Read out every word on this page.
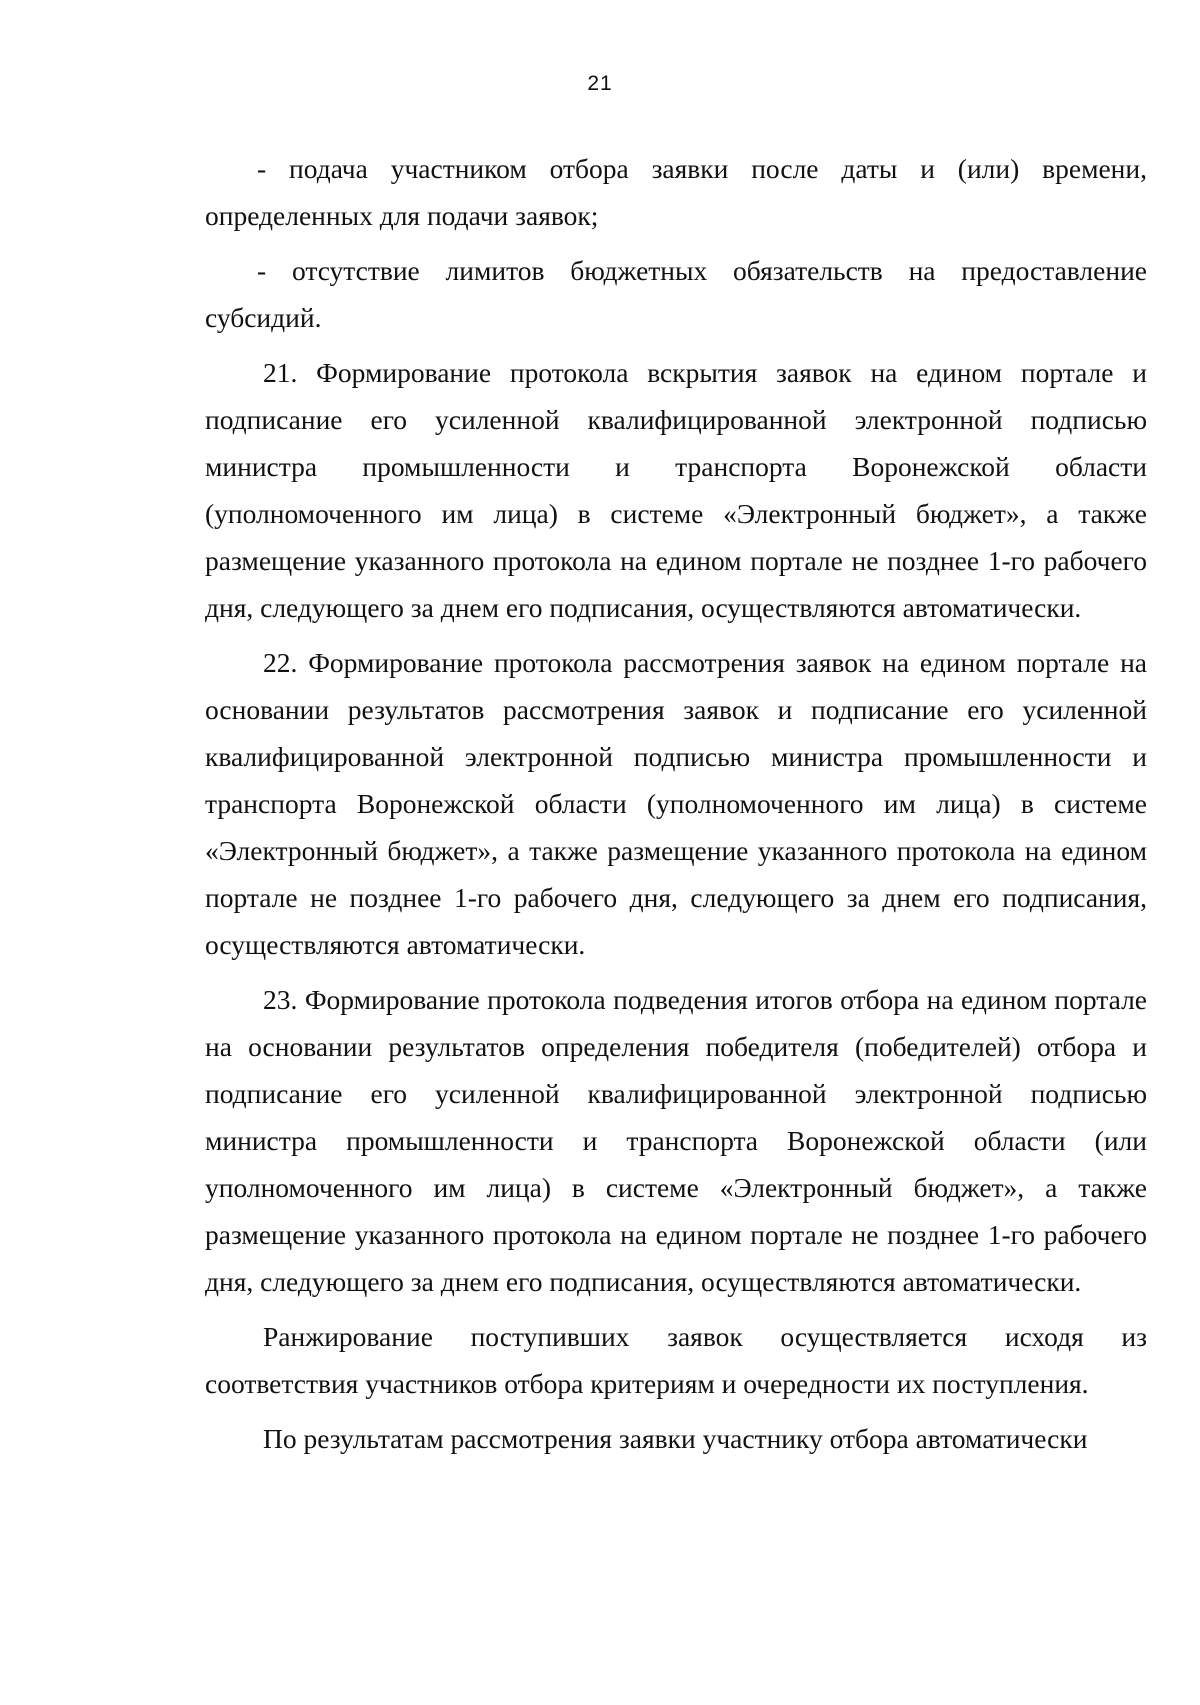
21

- подача участником отбора заявки после даты и (или) времени, определенных для подачи заявок;

- отсутствие лимитов бюджетных обязательств на предоставление субсидий.

21. Формирование протокола вскрытия заявок на едином портале и подписание его усиленной квалифицированной электронной подписью министра промышленности и транспорта Воронежской области (уполномоченного им лица) в системе «Электронный бюджет», а также размещение указанного протокола на едином портале не позднее 1-го рабочего дня, следующего за днем его подписания, осуществляются автоматически.

22. Формирование протокола рассмотрения заявок на едином портале на основании результатов рассмотрения заявок и подписание его усиленной квалифицированной электронной подписью министра промышленности и транспорта Воронежской области (уполномоченного им лица) в системе «Электронный бюджет», а также размещение указанного протокола на едином портале не позднее 1-го рабочего дня, следующего за днем его подписания, осуществляются автоматически.

23. Формирование протокола подведения итогов отбора на едином портале на основании результатов определения победителя (победителей) отбора и подписание его усиленной квалифицированной электронной подписью министра промышленности и транспорта Воронежской области (или уполномоченного им лица) в системе «Электронный бюджет», а также размещение указанного протокола на едином портале не позднее 1-го рабочего дня, следующего за днем его подписания, осуществляются автоматически.

Ранжирование поступивших заявок осуществляется исходя из соответствия участников отбора критериям и очередности их поступления.

По результатам рассмотрения заявки участнику отбора автоматически
